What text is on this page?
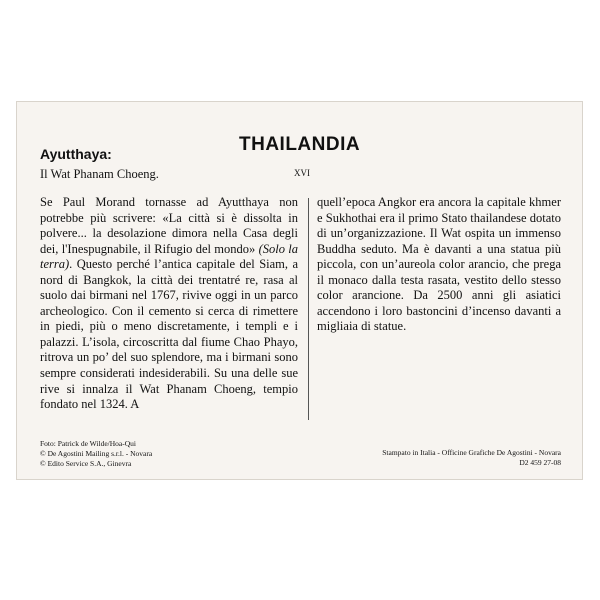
Ayutthaya:
Il Wat Phanam Choeng.
THAILANDIA
XVI
Se Paul Morand tornasse ad Ayutthaya non potrebbe più scrivere: «La città si è dissolta in polvere... la desolazione dimora nella Casa degli dei, l'Inespugnabile, il Rifugio del mondo» (Solo la terra). Questo perché l’antica capitale del Siam, a nord di Bangkok, la città dei trentatré re, rasa al suolo dai birmani nel 1767, rivive oggi in un parco archeologico. Con il cemento si cerca di rimettere in piedi, più o meno discretamente, i templi e i palazzi. L’isola, circoscritta dal fiume Chao Phayo, ritrova un po’ del suo splendore, ma i birmani sono sempre considerati indesiderabili. Su una delle sue rive si innalza il Wat Phanam Choeng, tempio fondato nel 1324. A
quell’epoca Angkor era ancora la capitale khmer e Sukhothai era il primo Stato thailandese dotato di un’organizzazione. Il Wat ospita un immenso Buddha seduto. Ma è davanti a una statua più piccola, con un’aureola color arancio, che prega il monaco dalla testa rasata, vestito dello stesso color arancione. Da 2500 anni gli asiatici accendono i loro bastoncini d’incenso davanti a migliaia di statue.
Foto: Patrick de Wilde/Hoa-Qui
© De Agostini Mailing s.r.l. - Novara
© Edito Service S.A., Ginevra
Stampato in Italia - Officine Grafiche De Agostini - Novara
D2 459 27-08
